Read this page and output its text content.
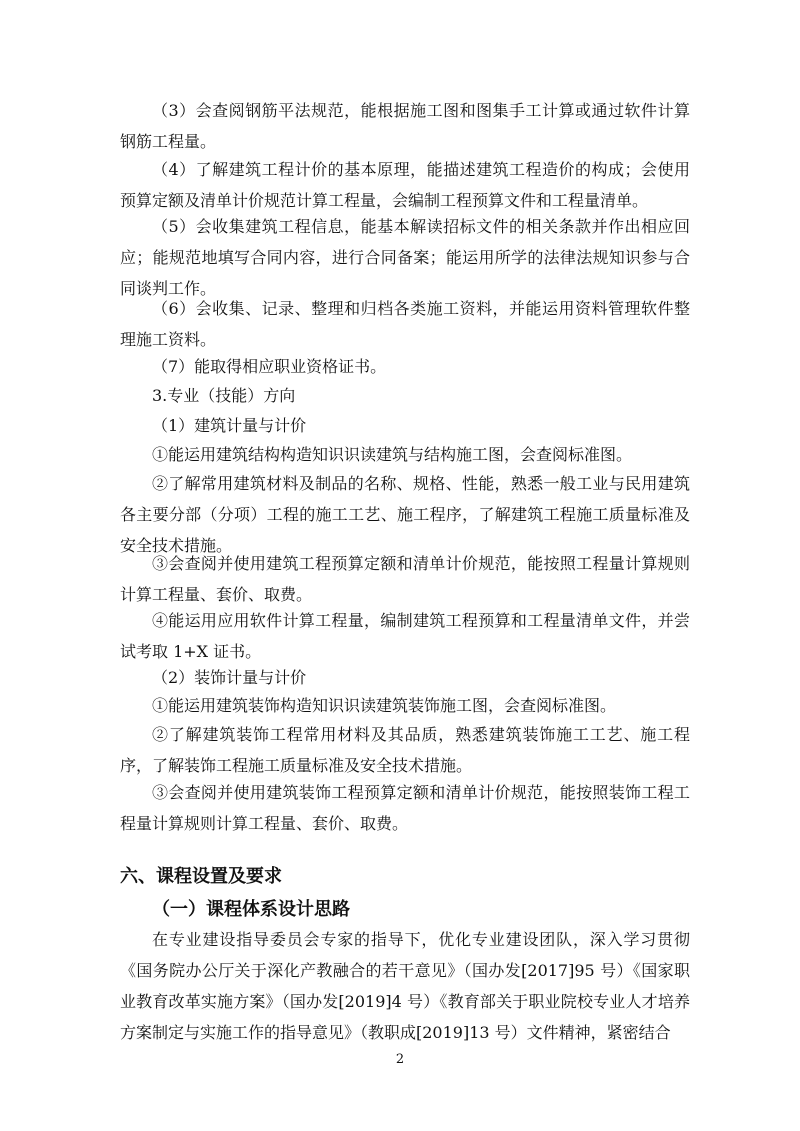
（3）会查阅钢筋平法规范，能根据施工图和图集手工计算或通过软件计算钢筋工程量。

（4）了解建筑工程计价的基本原理，能描述建筑工程造价的构成；会使用预算定额及清单计价规范计算工程量，会编制工程预算文件和工程量清单。

（5）会收集建筑工程信息，能基本解读招标文件的相关条款并作出相应回应；能规范地填写合同内容，进行合同备案；能运用所学的法律法规知识参与合同谈判工作。

（6）会收集、记录、整理和归档各类施工资料，并能运用资料管理软件整理施工资料。

（7）能取得相应职业资格证书。

3.专业（技能）方向

（1）建筑计量与计价

①能运用建筑结构构造知识识读建筑与结构施工图，会查阅标准图。

②了解常用建筑材料及制品的名称、规格、性能，熟悉一般工业与民用建筑各主要分部（分项）工程的施工工艺、施工程序，了解建筑工程施工质量标准及安全技术措施。

③会查阅并使用建筑工程预算定额和清单计价规范，能按照工程量计算规则计算工程量、套价、取费。

④能运用应用软件计算工程量，编制建筑工程预算和工程量清单文件，并尝试考取 1+X 证书。

（2）装饰计量与计价

①能运用建筑装饰构造知识识读建筑装饰施工图，会查阅标准图。

②了解建筑装饰工程常用材料及其品质，熟悉建筑装饰施工工艺、施工程序，了解装饰工程施工质量标准及安全技术措施。

③会查阅并使用建筑装饰工程预算定额和清单计价规范，能按照装饰工程工程量计算规则计算工程量、套价、取费。

六、课程设置及要求
（一）课程体系设计思路

在专业建设指导委员会专家的指导下，优化专业建设团队，深入学习贯彻《国务院办公厅关于深化产教融合的若干意见》（国办发[2017]95 号）《国家职业教育改革实施方案》（国办发[2019]4 号）《教育部关于职业院校专业人才培养方案制定与实施工作的指导意见》（教职成[2019]13 号）文件精神，紧密结合

2
